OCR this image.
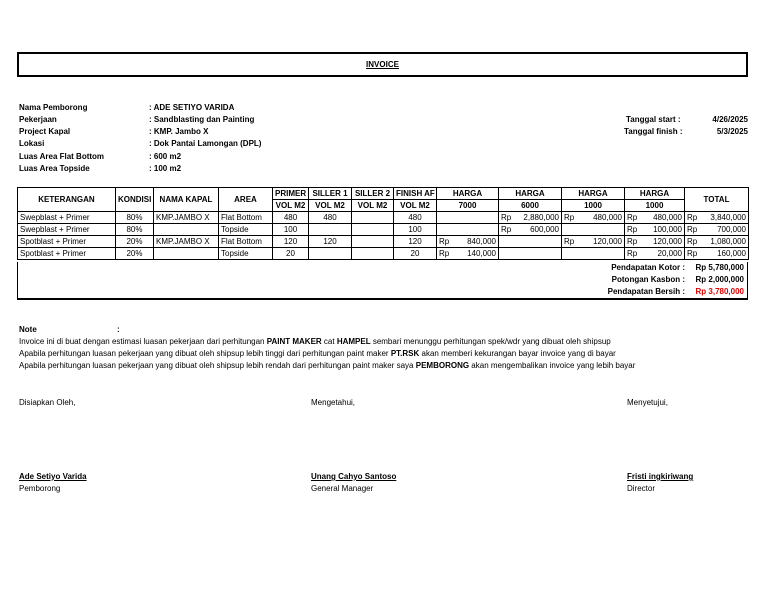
INVOICE
Nama Pemborong	: ADE SETIYO VARIDA
Pekerjaan	: Sandblasting dan Painting
Project Kapal	: KMP. Jambo X
Lokasi	: Dok Pantai Lamongan (DPL)
Luas Area Flat Bottom	: 600 m2
Luas Area Topside	: 100 m2
Tanggal start :	4/26/2025
Tanggal finish :	5/3/2025
KETERANGAN	KONDISI	NAMA KAPAL	AREA	PRIMER	SILLER 1	SILLER 2	FINISH AF	HARGA	HARGA	HARGA	HARGA	TOTAL
				VOL M2	VOL M2	VOL M2	VOL M2	7000	6000	1000	1000	
Swepblast + Primer	80%	KMP.JAMBO X	Flat Bottom	480	480		480		Rp 2,880,000	Rp 480,000	Rp 480,000	Rp 3,840,000

Swepblast + Primer	80%		Topside	100			100		Rp 600,000		Rp 100,000	Rp 700,000

Spotblast + Primer	20%	KMP.JAMBO X	Flat Bottom	120	120		120	Rp 840,000		Rp 120,000	Rp 120,000	Rp 1,080,000

Spotblast + Primer	20%		Topside	20			20	Rp 140,000			Rp 20,000	Rp 160,000
Pendapatan Kotor : Rp 5,780,000
Potongan Kasbon : Rp 2,000,000
Pendapatan Bersih : Rp 3,780,000
Note	:
Invoice ini di buat dengan estimasi luasan pekerjaan dari perhitungan PAINT MAKER cat HAMPEL sembari menunggu perhitungan spek/wdr yang dibuat oleh shipsup
Apabila perhitungan luasan pekerjaan yang dibuat oleh shipsup lebih tinggi dari perhitungan paint maker PT.RSK akan memberi kekurangan bayar invoice yang di bayar
Apabila perhitungan luasan pekerjaan yang dibuat oleh shipsup lebih rendah dari perhitungan paint maker saya PEMBORONG akan mengembalikan invoice yang lebih bayar
Disiapkan Oleh,	Mengetahui,	Menyetujui,
Ade Setiyo Varida	Unang Cahyo Santoso	Fristi ingkiriwang
Pemborong	General Manager	Director
